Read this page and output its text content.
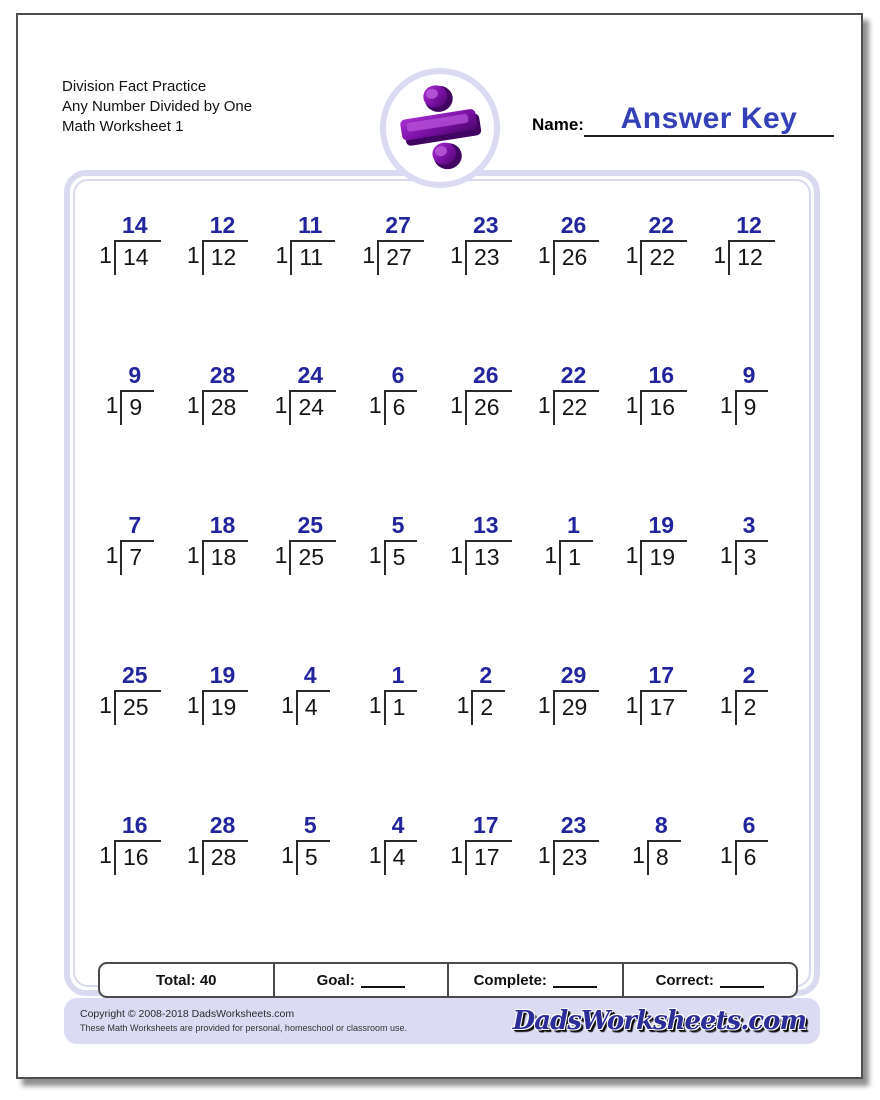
Division Fact Practice
Any Number Divided by One
Math Worksheet 1	Name:	Answer Key
14
1 14
12
1 12
11
1 11
27
1 27
23
1 23
26
1 26
22
1 22
12
1 12
9
1 9
28
1 28
24
1 24
6
1 6
26
1 26
22
1 22
16
1 16
9
1 9
7
1 7
18
1 18
25
1 25
5
1 5
13
1 13
1
1 1
19
1 19
3
1 3
25
1 25
19
1 19
4
1 4
1
1 1
2
1 2
29
1 29
17
1 17
2
1 2
16
1 16
28
1 28
5
1 5
4
1 4
17
1 17
23
1 23
8
1 8
6
1 6
Total: 40	Goal:	Complete:	Correct:
Copyright © 2008-2018 DadsWorksheets.com
These Math Worksheets are provided for personal, homeschool or classroom use.	DadsWorksheets.com
